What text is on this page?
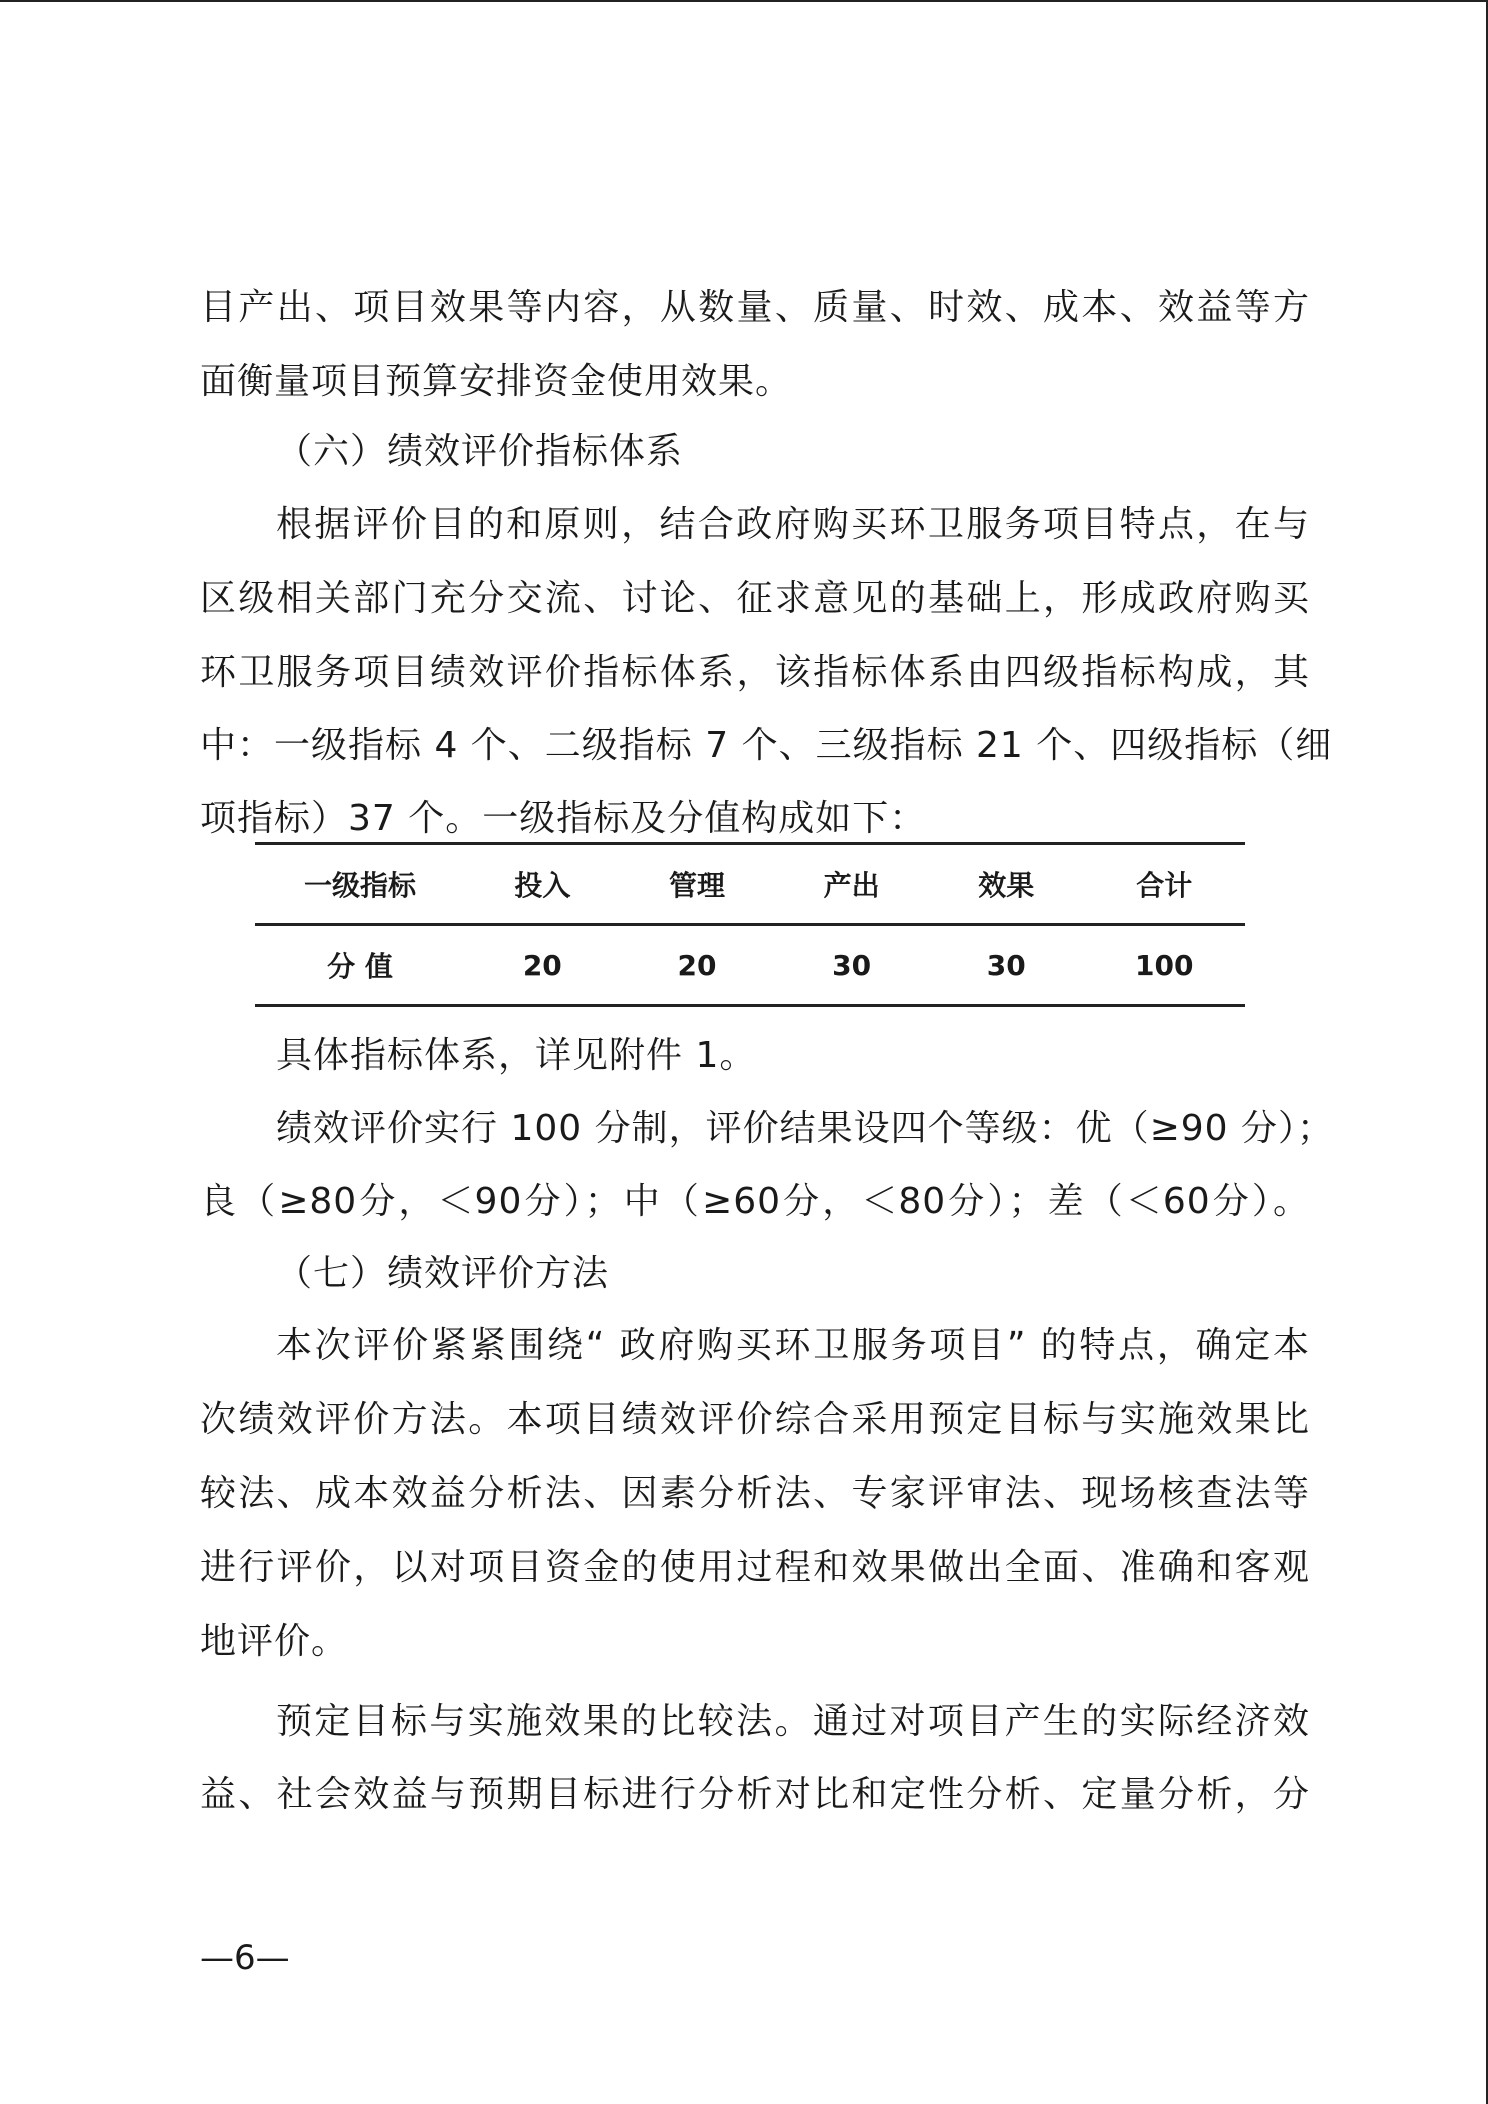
目产出、项目效果等内容，从数量、质量、时效、成本、效益等方
面衡量项目预算安排资金使用效果。
（六）绩效评价指标体系
根据评价目的和原则，结合政府购买环卫服务项目特点，在与
区级相关部门充分交流、讨论、征求意见的基础上，形成政府购买
环卫服务项目绩效评价指标体系，该指标体系由四级指标构成，其
中：一级指标 4 个、二级指标 7 个、三级指标 21 个、四级指标（细
项指标）37 个。一级指标及分值构成如下：
一级指标	投入	管理	产出	效果	合计
分 值	20	20	30	30	100
具体指标体系，详见附件 1。
绩效评价实行 100 分制，评价结果设四个等级：优（≥90 分）；
良（≥80分，＜90分）；中（≥60分，＜80分）；差（＜60分）。
（七）绩效评价方法
本次评价紧紧围绕“ 政府购买环卫服务项目” 的特点，确定本
次绩效评价方法。本项目绩效评价综合采用预定目标与实施效果比
较法、成本效益分析法、因素分析法、专家评审法、现场核查法等
进行评价，以对项目资金的使用过程和效果做出全面、准确和客观
地评价。
预定目标与实施效果的比较法。通过对项目产生的实际经济效
益、社会效益与预期目标进行分析对比和定性分析、定量分析，分
—6—
